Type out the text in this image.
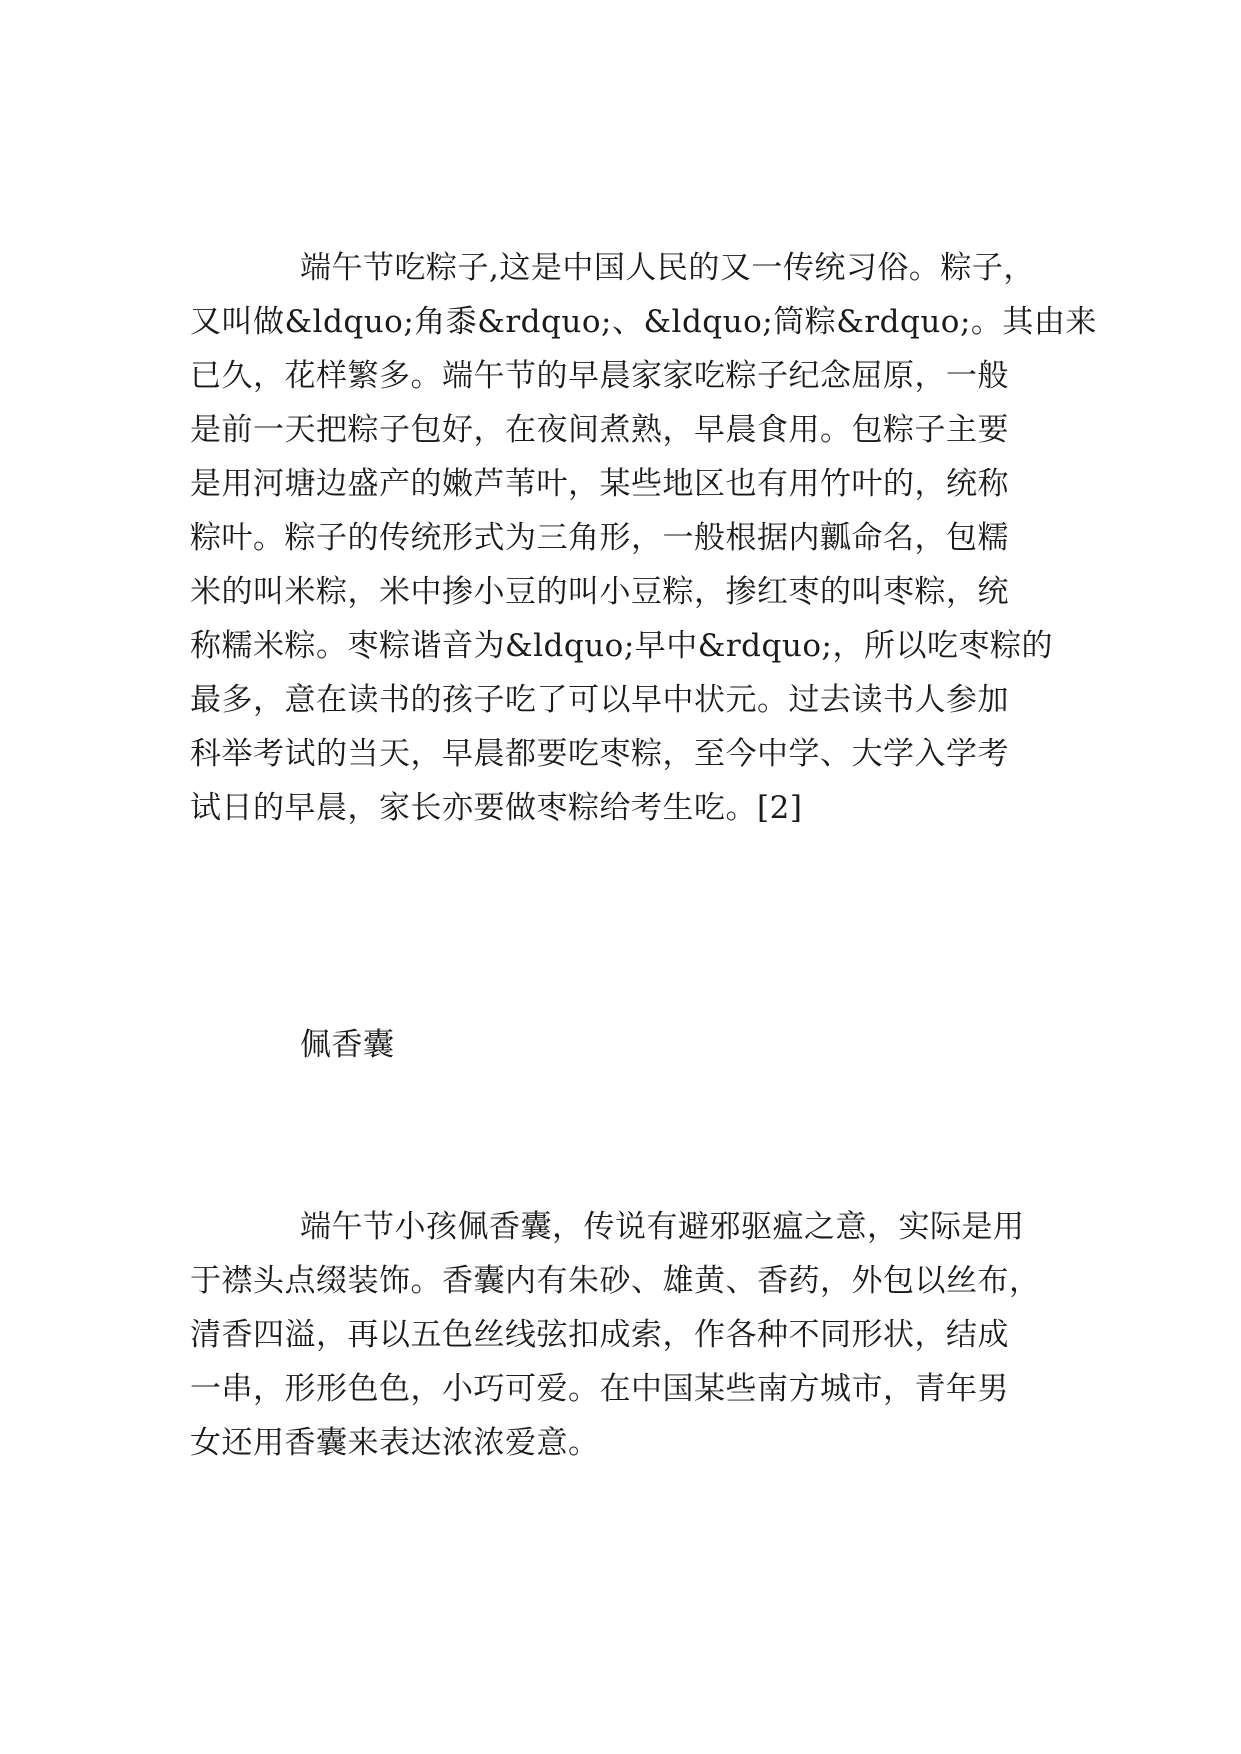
端午节吃粽子,这是中国人民的又一传统习俗。粽子，
又叫做&ldquo;角黍&rdquo;、&ldquo;筒粽&rdquo;。其由来
已久，花样繁多。端午节的早晨家家吃粽子纪念屈原，一般
是前一天把粽子包好，在夜间煮熟，早晨食用。包粽子主要
是用河塘边盛产的嫩芦苇叶，某些地区也有用竹叶的，统称
粽叶。粽子的传统形式为三角形，一般根据内瓤命名，包糯
米的叫米粽，米中掺小豆的叫小豆粽，掺红枣的叫枣粽，统
称糯米粽。枣粽谐音为&ldquo;早中&rdquo;，所以吃枣粽的
最多，意在读书的孩子吃了可以早中状元。过去读书人参加
科举考试的当天，早晨都要吃枣粽，至今中学、大学入学考
试日的早晨，家长亦要做枣粽给考生吃。[2]
佩香囊
端午节小孩佩香囊，传说有避邪驱瘟之意，实际是用
于襟头点缀装饰。香囊内有朱砂、雄黄、香药，外包以丝布，
清香四溢，再以五色丝线弦扣成索，作各种不同形状，结成
一串，形形色色，小巧可爱。在中国某些南方城市，青年男
女还用香囊来表达浓浓爱意。
